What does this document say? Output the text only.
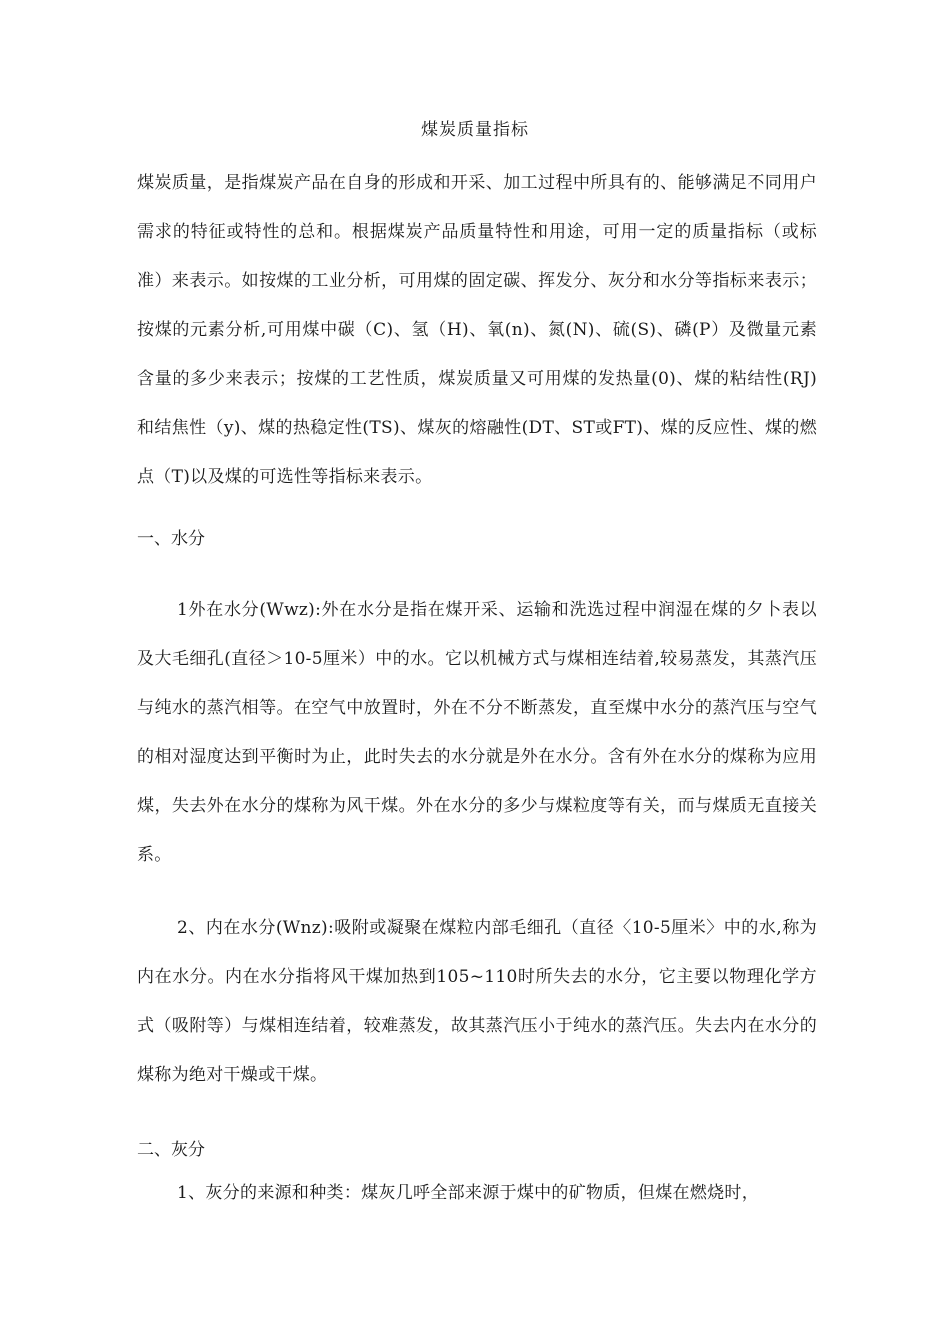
煤炭质量指标

煤炭质量，是指煤炭产品在自身的形成和开采、加工过程中所具有的、能够满足不同用户需求的特征或特性的总和。根据煤炭产品质量特性和用途，可用一定的质量指标（或标准）来表示。如按煤的工业分析，可用煤的固定碳、挥发分、灰分和水分等指标来表示；按煤的元素分析,可用煤中碳（C)、氢（H)、氧(n)、氮(N)、硫(S)、磷(P）及微量元素含量的多少来表示；按煤的工艺性质，煤炭质量又可用煤的发热量(0)、煤的粘结性(RJ)和结焦性（y)、煤的热稳定性(TS)、煤灰的熔融性(DT、ST或FT)、煤的反应性、煤的燃点（T)以及煤的可选性等指标来表示。

一、水分

1外在水分(Wwz):外在水分是指在煤开采、运输和洗选过程中润湿在煤的夕卜表以及大毛细孔(直径＞10-5厘米）中的水。它以机械方式与煤相连结着,较易蒸发，其蒸汽压与纯水的蒸汽相等。在空气中放置时，外在不分不断蒸发，直至煤中水分的蒸汽压与空气的相对湿度达到平衡时为止，此时失去的水分就是外在水分。含有外在水分的煤称为应用煤，失去外在水分的煤称为风干煤。外在水分的多少与煤粒度等有关，而与煤质无直接关系。

2、内在水分(Wnz):吸附或凝聚在煤粒内部毛细孔（直径〈10-5厘米〉中的水,称为内在水分。内在水分指将风干煤加热到105~110时所失去的水分，它主要以物理化学方式（吸附等）与煤相连结着，较难蒸发，故其蒸汽压小于纯水的蒸汽压。失去内在水分的煤称为绝对干燥或干煤。

二、灰分

1、灰分的来源和种类：煤灰几呼全部来源于煤中的矿物质，但煤在燃烧时，
